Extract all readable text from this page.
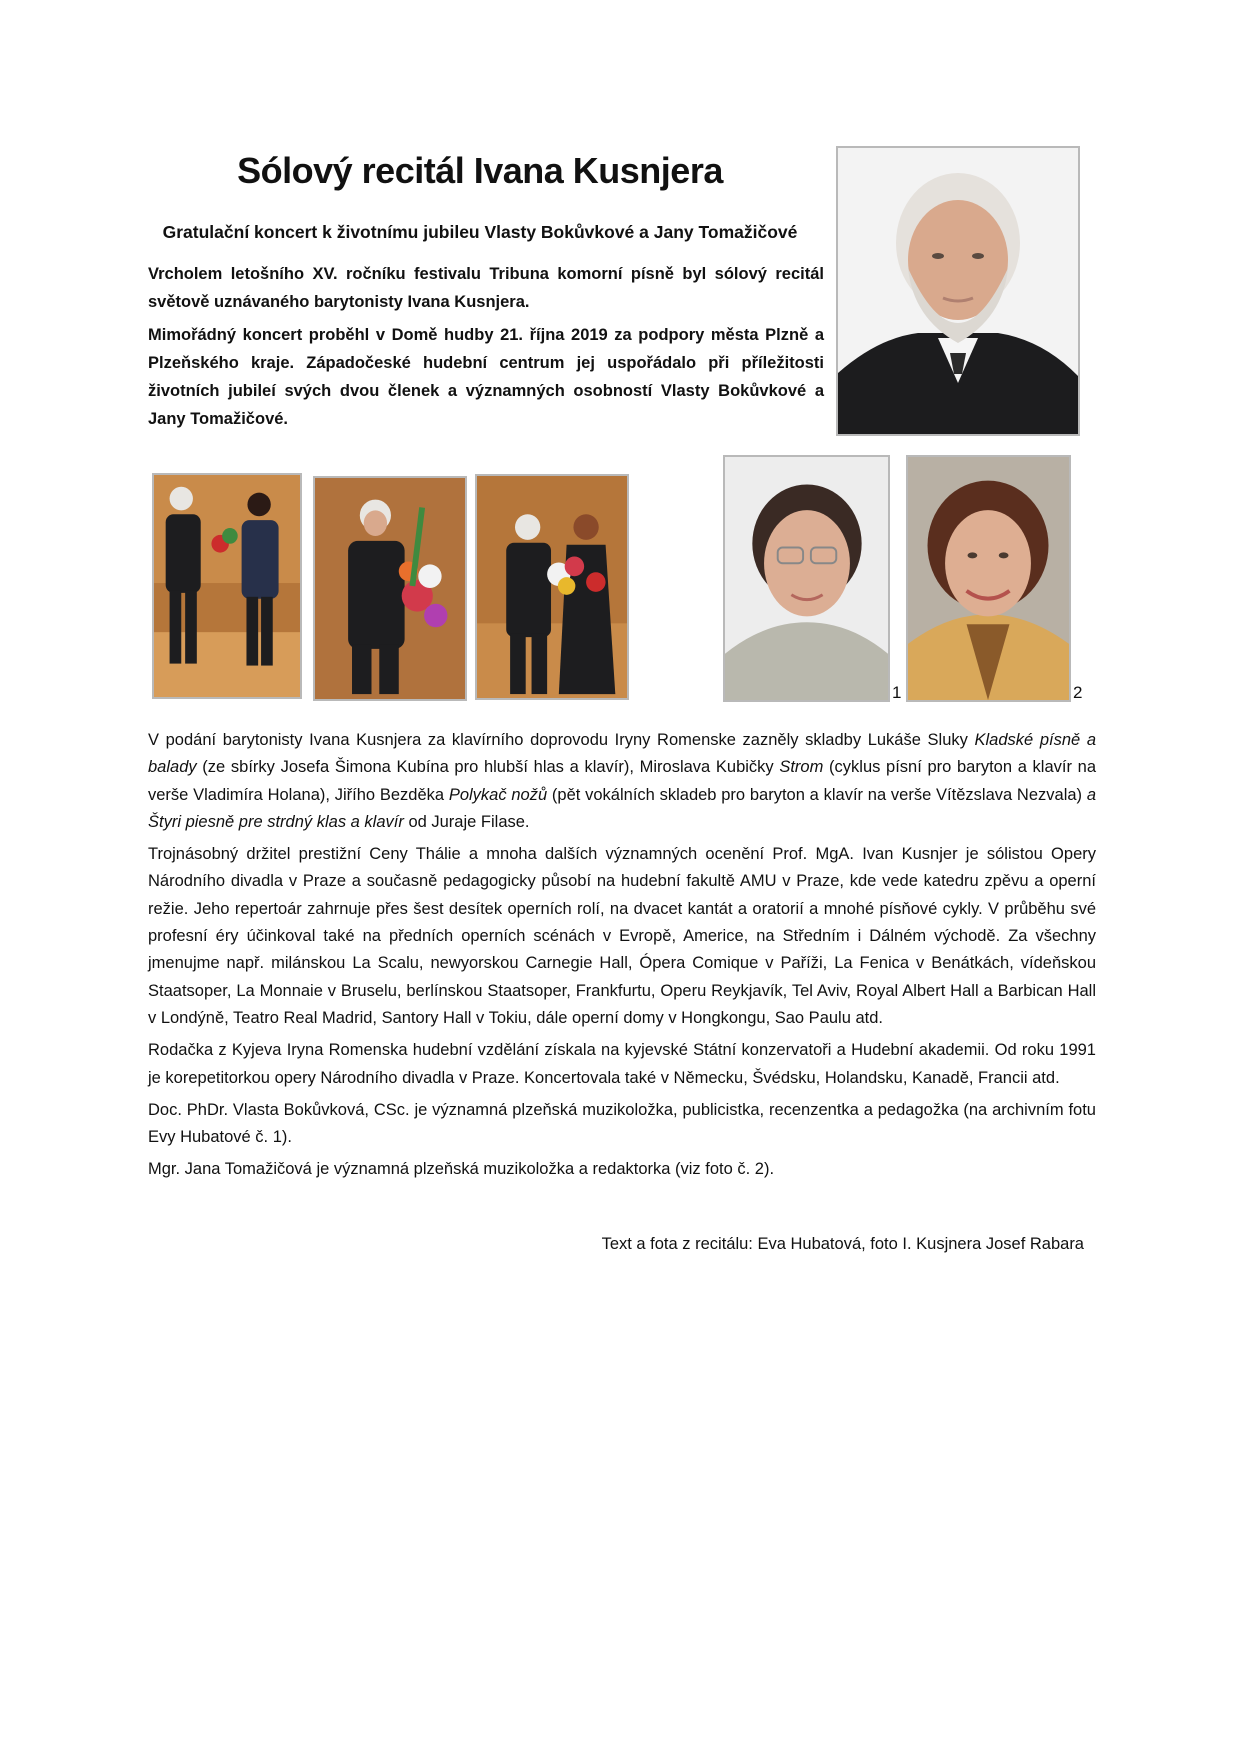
Sólový recitál Ivana Kusnjera
Gratulační koncert k životnímu jubileu Vlasty Bokůvkové a Jany Tomažičové

Vrcholem letošního XV. ročníku festivalu Tribuna komorní písně byl sólový recitál světově uznávaného barytonisty Ivana Kusnjera.

Mimořádný koncert proběhl v Domě hudby 21. října 2019 za podpory města Plzně a Plzeňského kraje. Západočeské hudební centrum jej uspořádalo při příležitosti životních jubileí svých dvou členek a významných osobností Vlasty Bokůvkové a Jany Tomažičové.

1	2

V podání barytonisty Ivana Kusnjera za klavírního doprovodu Iryny Romenske zazněly skladby Lukáše Sluky Kladské písně a balady (ze sbírky Josefa Šimona Kubína pro hlubší hlas a klavír), Miroslava Kubičky Strom (cyklus písní pro baryton a klavír na verše Vladimíra Holana), Jiřího Bezděka Polykač nožů (pět vokálních skladeb pro baryton a klavír na verše Vítězslava Nezvala) a Štyri piesně pre strdný klas a klavír od Juraje Filase.

Trojnásobný držitel prestižní Ceny Thálie a mnoha dalších významných ocenění Prof. MgA. Ivan Kusnjer je sólistou Opery Národního divadla v Praze a současně pedagogicky působí na hudební fakultě AMU v Praze, kde vede katedru zpěvu a operní režie. Jeho repertoár zahrnuje přes šest desítek operních rolí, na dvacet kantát a oratorií a mnohé písňové cykly. V průběhu své profesní éry účinkoval také na předních operních scénách v Evropě, Americe, na Středním i Dálném východě. Za všechny jmenujme např. milánskou La Scalu, newyorskou Carnegie Hall, Ópera Comique v Paříži, La Fenica v Benátkách, vídeňskou Staatsoper, La Monnaie v Bruselu, berlínskou Staatsoper, Frankfurtu, Operu Reykjavík, Tel Aviv, Royal Albert Hall a Barbican Hall v Londýně, Teatro Real Madrid, Santory Hall v Tokiu, dále operní domy v Hongkongu, Sao Paulu atd.

Rodačka z Kyjeva Iryna Romenska hudební vzdělání získala na kyjevské Státní konzervatoři a Hudební akademii. Od roku 1991 je korepetitorkou opery Národního divadla v Praze. Koncertovala také v Německu, Švédsku, Holandsku, Kanadě, Francii atd.

Doc. PhDr. Vlasta Bokůvková, CSc. je významná plzeňská muzikoložka, publicistka, recenzentka a pedagožka (na archivním fotu Evy Hubatové č. 1).

Mgr. Jana Tomažičová je významná plzeňská muzikoložka a redaktorka (viz foto č. 2).

Text a fota z recitálu: Eva Hubatová, foto I. Kusjnera Josef Rabara
